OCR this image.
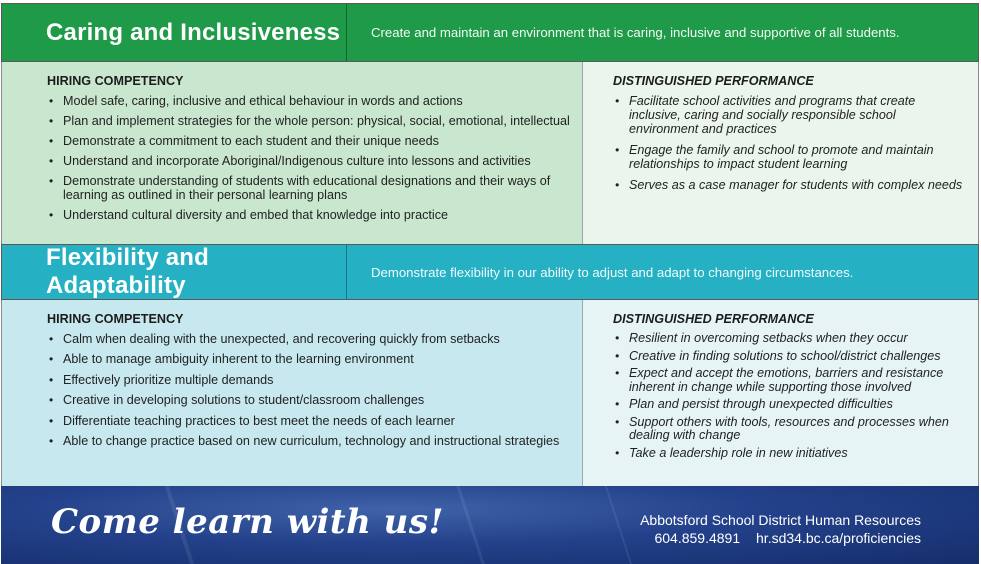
Caring and Inclusiveness	Create and maintain an environment that is caring, inclusive and supportive of all students.
HIRING COMPETENCY
• Model safe, caring, inclusive and ethical behaviour in words and actions
• Plan and implement strategies for the whole person: physical, social, emotional, intellectual
• Demonstrate a commitment to each student and their unique needs
• Understand and incorporate Aboriginal/Indigenous culture into lessons and activities
• Demonstrate understanding of students with educational designations and their ways of learning as outlined in their personal learning plans
• Understand cultural diversity and embed that knowledge into practice
DISTINGUISHED PERFORMANCE
• Facilitate school activities and programs that create inclusive, caring and socially responsible school environment and practices
• Engage the family and school to promote and maintain relationships to impact student learning
• Serves as a case manager for students with complex needs
Flexibility and Adaptability	Demonstrate flexibility in our ability to adjust and adapt to changing circumstances.
HIRING COMPETENCY
• Calm when dealing with the unexpected, and recovering quickly from setbacks
• Able to manage ambiguity inherent to the learning environment
• Effectively prioritize multiple demands
• Creative in developing solutions to student/classroom challenges
• Differentiate teaching practices to best meet the needs of each learner
• Able to change practice based on new curriculum, technology and instructional strategies
DISTINGUISHED PERFORMANCE
• Resilient in overcoming setbacks when they occur
• Creative in finding solutions to school/district challenges
• Expect and accept the emotions, barriers and resistance inherent in change while supporting those involved
• Plan and persist through unexpected difficulties
• Support others with tools, resources and processes when dealing with change
• Take a leadership role in new initiatives
Come learn with us!	Abbotsford School District Human Resources
604.859.4891 hr.sd34.bc.ca/proficiencies
